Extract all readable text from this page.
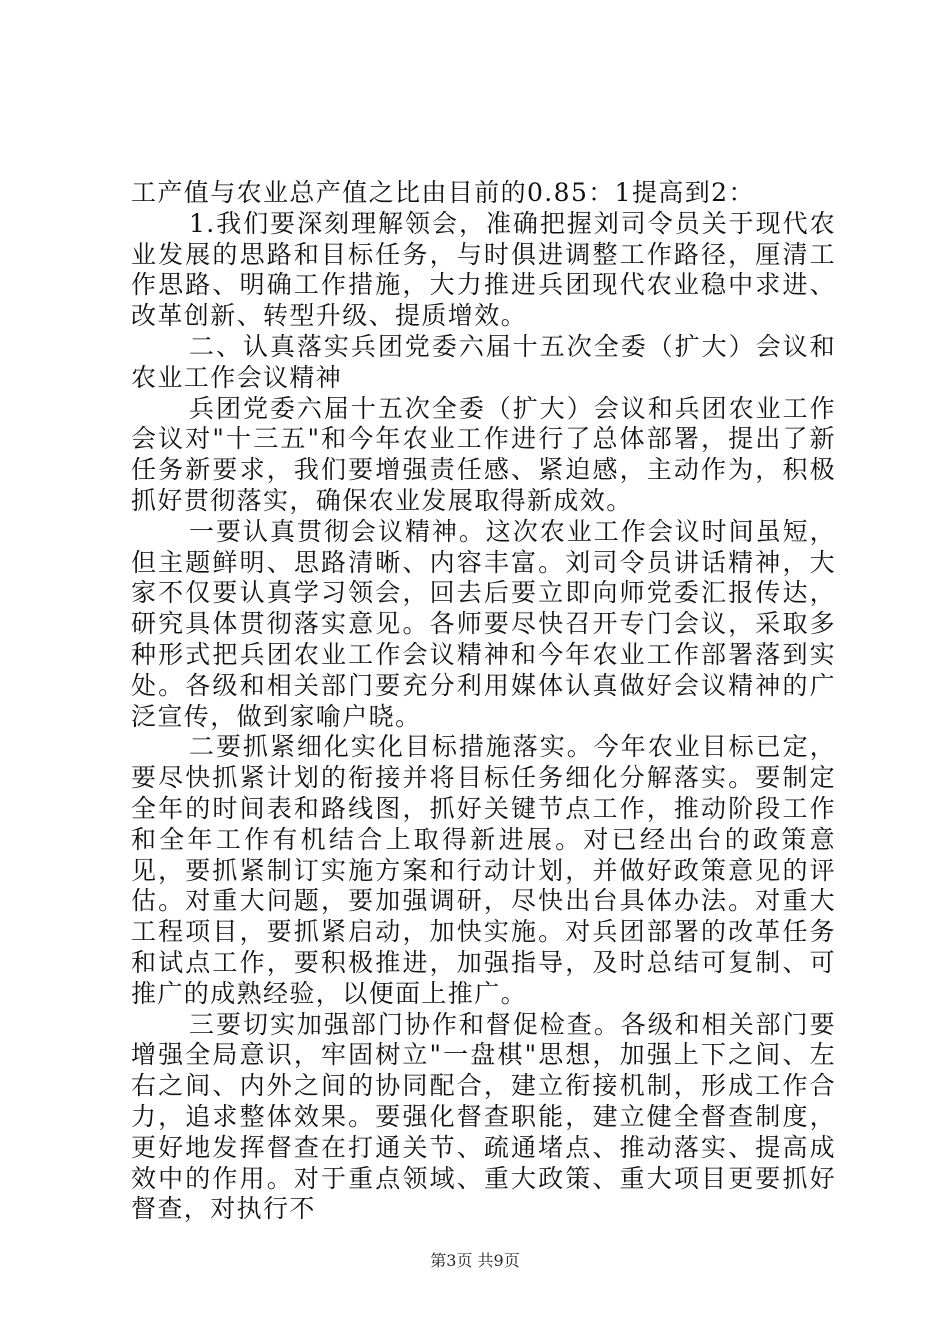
工产值与农业总产值之比由目前的0.85：1提高到2：

1.我们要深刻理解领会，准确把握刘司令员关于现代农业发展的思路和目标任务，与时俱进调整工作路径，厘清工作思路、明确工作措施，大力推进兵团现代农业稳中求进、改革创新、转型升级、提质增效。

二、认真落实兵团党委六届十五次全委（扩大）会议和农业工作会议精神

兵团党委六届十五次全委（扩大）会议和兵团农业工作会议对"十三五"和今年农业工作进行了总体部署，提出了新任务新要求，我们要增强责任感、紧迫感，主动作为，积极抓好贯彻落实，确保农业发展取得新成效。

一要认真贯彻会议精神。这次农业工作会议时间虽短，但主题鲜明、思路清晰、内容丰富。刘司令员讲话精神，大家不仅要认真学习领会，回去后要立即向师党委汇报传达，研究具体贯彻落实意见。各师要尽快召开专门会议，采取多种形式把兵团农业工作会议精神和今年农业工作部署落到实处。各级和相关部门要充分利用媒体认真做好会议精神的广泛宣传，做到家喻户晓。

二要抓紧细化实化目标措施落实。今年农业目标已定，要尽快抓紧计划的衔接并将目标任务细化分解落实。要制定全年的时间表和路线图，抓好关键节点工作，推动阶段工作和全年工作有机结合上取得新进展。对已经出台的政策意见，要抓紧制订实施方案和行动计划，并做好政策意见的评估。对重大问题，要加强调研，尽快出台具体办法。对重大工程项目，要抓紧启动，加快实施。对兵团部署的改革任务和试点工作，要积极推进，加强指导，及时总结可复制、可推广的成熟经验，以便面上推广。

三要切实加强部门协作和督促检查。各级和相关部门要增强全局意识，牢固树立"一盘棋"思想，加强上下之间、左右之间、内外之间的协同配合，建立衔接机制，形成工作合力，追求整体效果。要强化督查职能，建立健全督查制度，更好地发挥督查在打通关节、疏通堵点、推动落实、提高成效中的作用。对于重点领域、重大政策、重大项目更要抓好督查，对执行不

第3页 共9页
